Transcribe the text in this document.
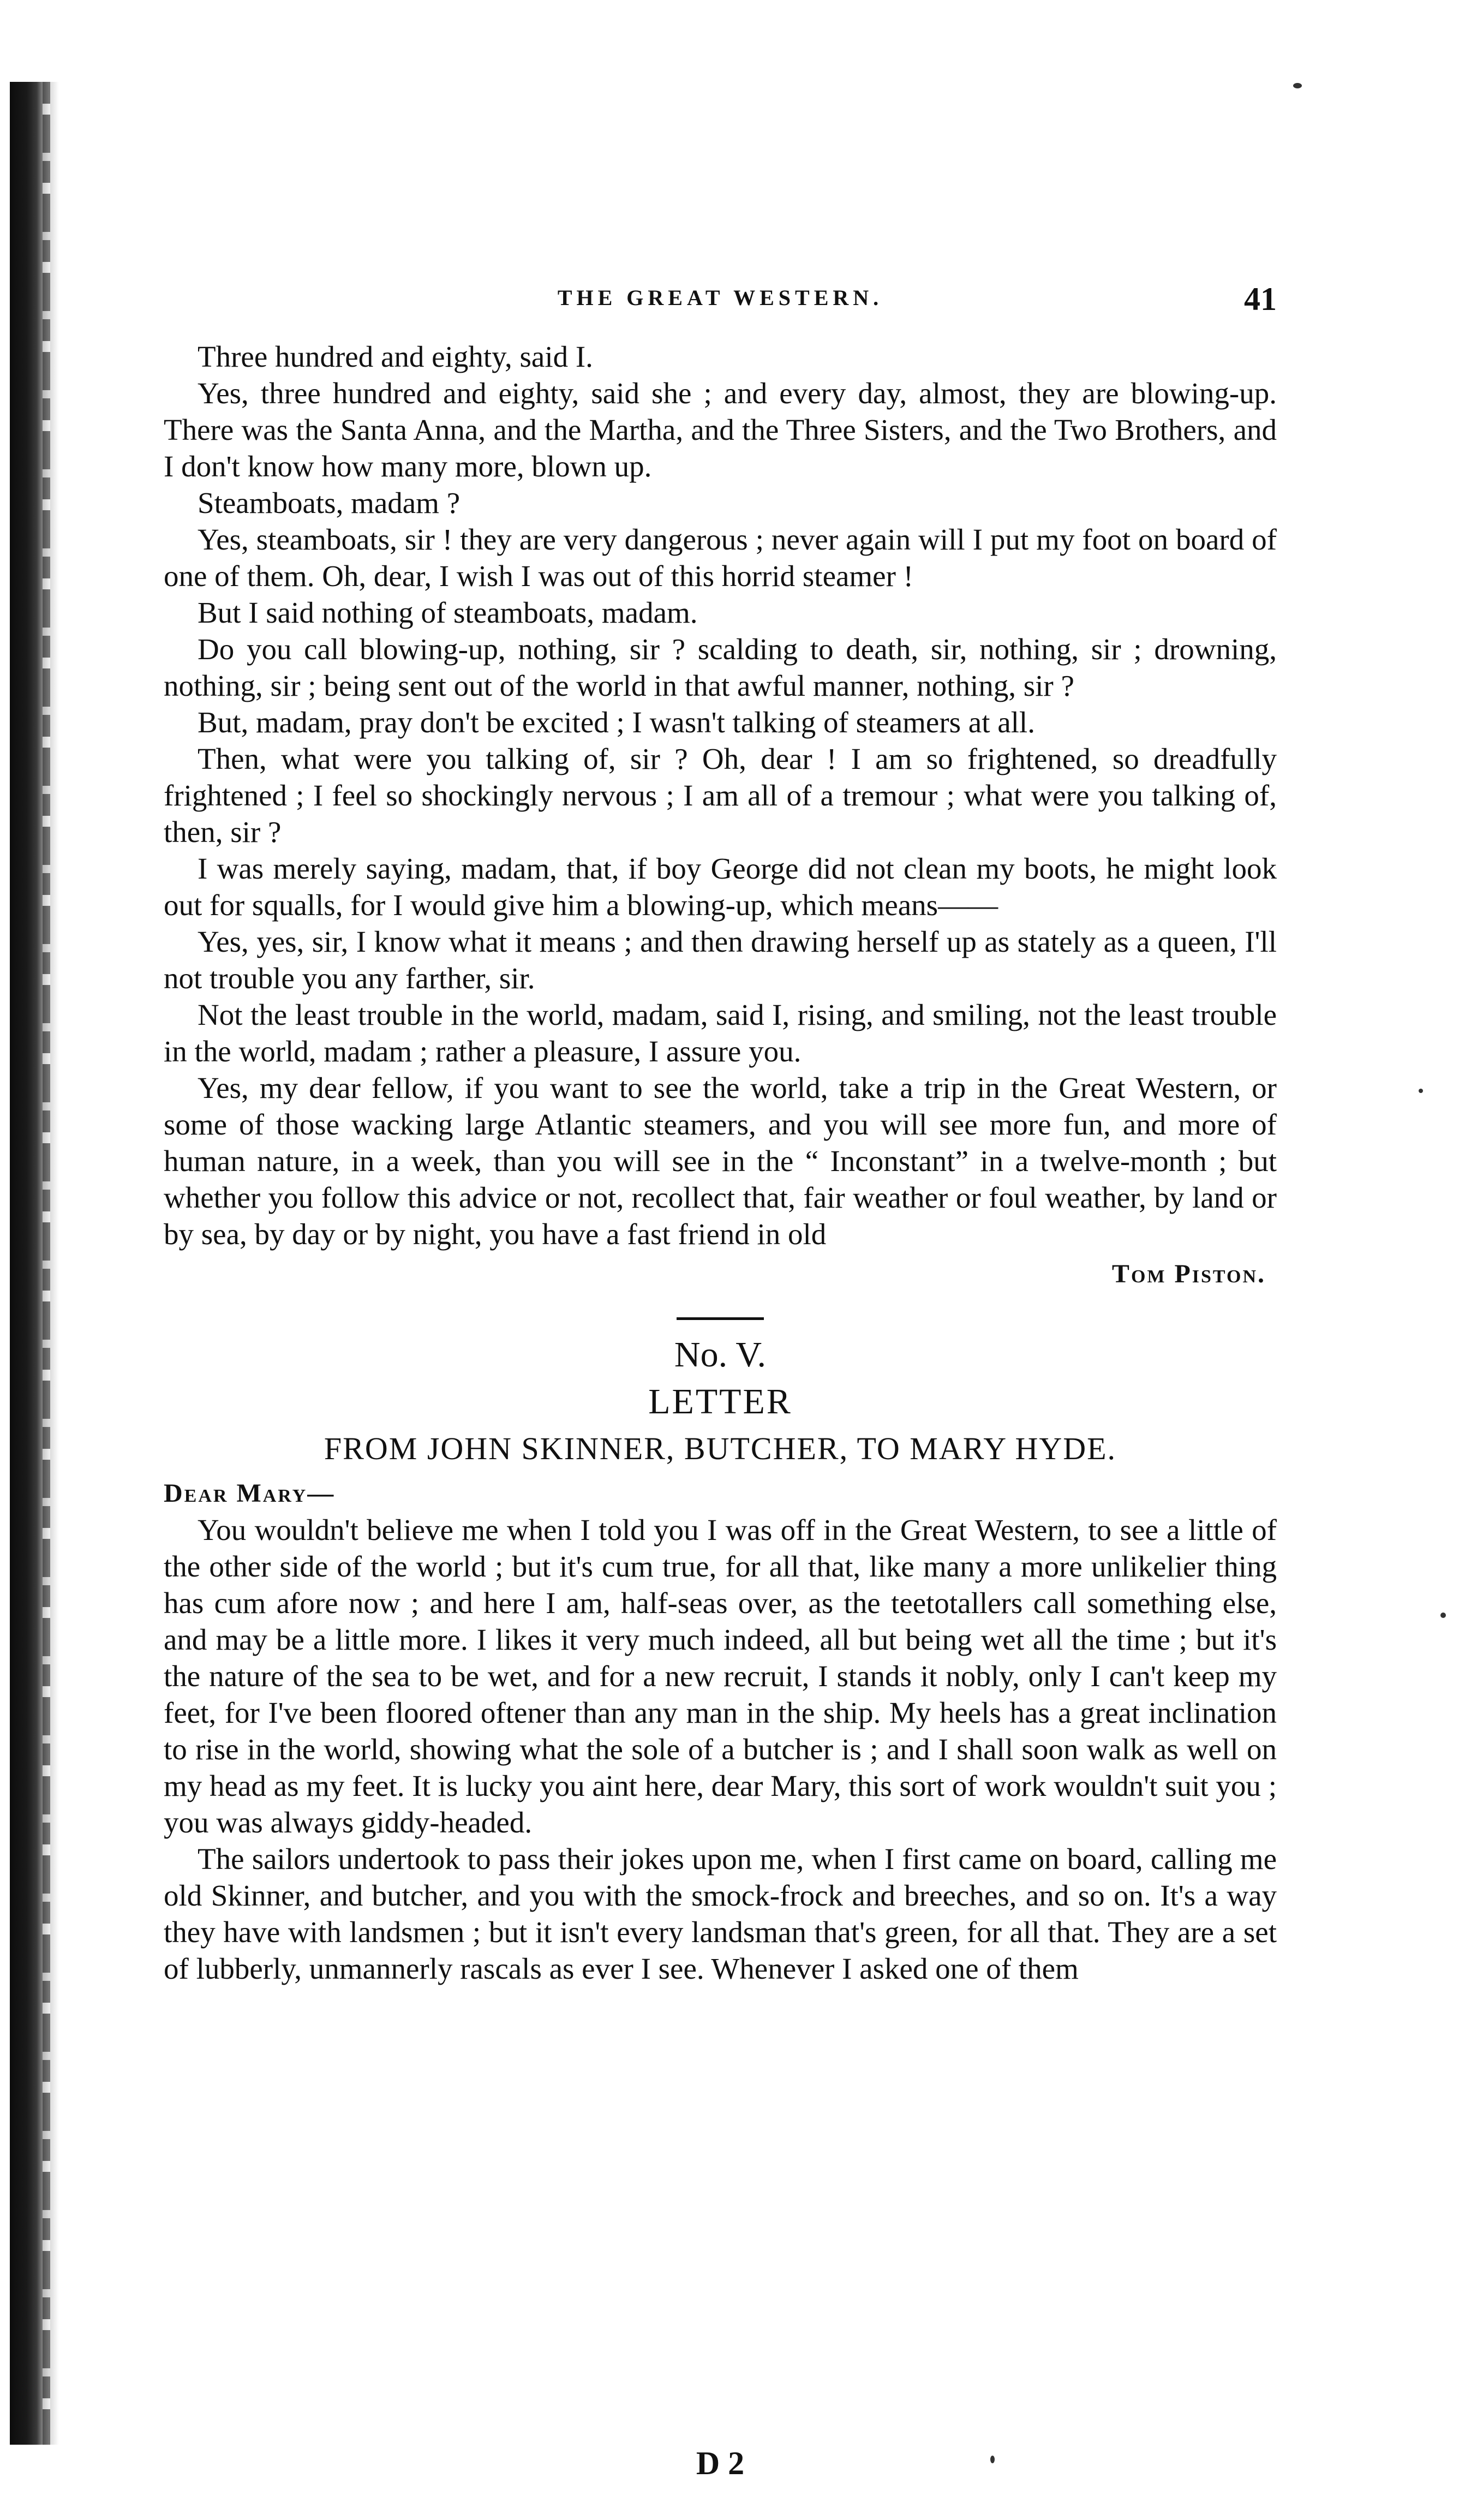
THE GREAT WESTERN.	41

Three hundred and eighty, said I.

Yes, three hundred and eighty, said she ; and every day, almost, they are blowing-up. There was the Santa Anna, and the Martha, and the Three Sisters, and the Two Brothers, and I don't know how many more, blown up.

Steamboats, madam ?

Yes, steamboats, sir ! they are very dangerous ; never again will I put my foot on board of one of them. Oh, dear, I wish I was out of this horrid steamer !

But I said nothing of steamboats, madam.

Do you call blowing-up, nothing, sir ? scalding to death, sir, nothing, sir ; drowning, nothing, sir ; being sent out of the world in that awful manner, nothing, sir ?

But, madam, pray don't be excited ; I wasn't talking of steamers at all.

Then, what were you talking of, sir ? Oh, dear ! I am so frightened, so dreadfully frightened ; I feel so shockingly nervous ; I am all of a tremour ; what were you talking of, then, sir ?

I was merely saying, madam, that, if boy George did not clean my boots, he might look out for squalls, for I would give him a blowing-up, which means——

Yes, yes, sir, I know what it means ; and then drawing herself up as stately as a queen, I'll not trouble you any farther, sir.

Not the least trouble in the world, madam, said I, rising, and smiling, not the least trouble in the world, madam ; rather a pleasure, I assure you.

Yes, my dear fellow, if you want to see the world, take a trip in the Great Western, or some of those wacking large Atlantic steamers, and you will see more fun, and more of human nature, in a week, than you will see in the “ Inconstant” in a twelve-month ; but whether you follow this advice or not, recollect that, fair weather or foul weather, by land or by sea, by day or by night, you have a fast friend in old

Tom Piston.

No. V.

LETTER

FROM JOHN SKINNER, BUTCHER, TO MARY HYDE.

Dear Mary—

You wouldn't believe me when I told you I was off in the Great Western, to see a little of the other side of the world ; but it's cum true, for all that, like many a more unlikelier thing has cum afore now ; and here I am, half-seas over, as the teetotallers call something else, and may be a little more. I likes it very much indeed, all but being wet all the time ; but it's the nature of the sea to be wet, and for a new recruit, I stands it nobly, only I can't keep my feet, for I've been floored oftener than any man in the ship. My heels has a great inclination to rise in the world, showing what the sole of a butcher is ; and I shall soon walk as well on my head as my feet. It is lucky you aint here, dear Mary, this sort of work wouldn't suit you ; you was always giddy-headed.

The sailors undertook to pass their jokes upon me, when I first came on board, calling me old Skinner, and butcher, and you with the smock-frock and breeches, and so on. It's a way they have with landsmen ; but it isn't every landsman that's green, for all that. They are a set of lubberly, unmannerly rascals as ever I see. Whenever I asked one of them

D 2
